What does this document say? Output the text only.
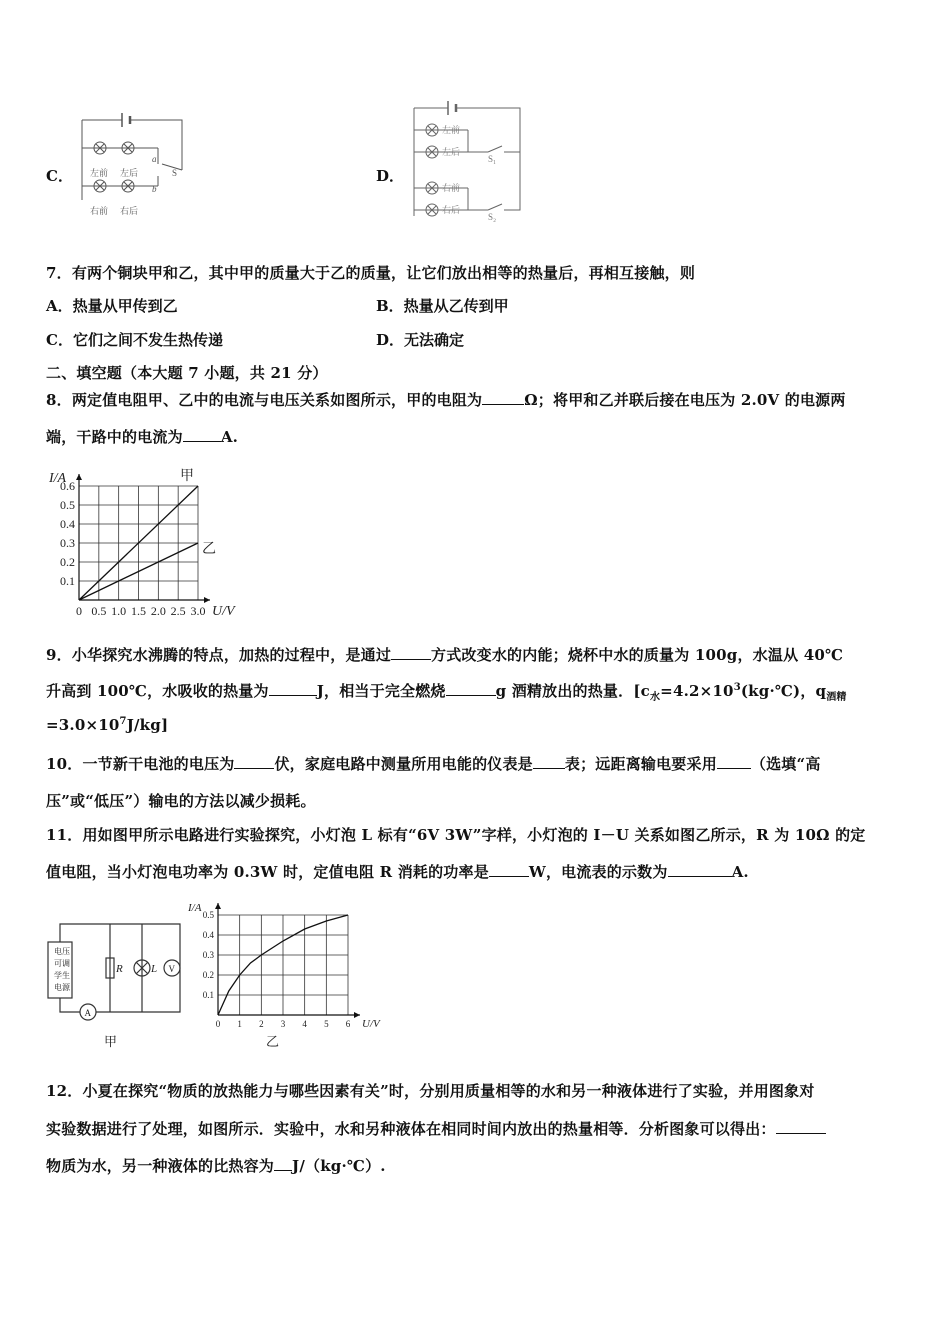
C． 左前 左后
右前 右后
S
a
b
D．
左前
左后
右前
右后
S₁
S₂
7．有两个铜块甲和乙，其中甲的质量大于乙的质量，让它们放出相等的热量后，再相互接触，则
A．热量从甲传到乙	B．热量从乙传到甲
C．它们之间不发生热传递	D．无法确定
二、填空题（本大题 7 小题，共 21 分）
8．两定值电阻甲、乙中的电流与电压关系如图所示，甲的电阻为	Ω；将甲和乙并联后接在电压为 2.0V 的电源两
端，干路中的电流为	A.
0 0.5 1.0 1.5 2.0 2.5 3.0
0.1
0.2
0.3
0.4
0.5
0.6
U/V
I/A	甲
乙
9．小华探究水沸腾的特点，加热的过程中，是通过	方式改变水的内能；烧杯中水的质量为 100g，水温从 40℃
升高到 100℃，水吸收的热量为	J，相当于完全燃烧	g 酒精放出的热量．[$c_水=4.2\times 10^3(kg\cdot℃)$，$q_{酒精}$
$=3.0\times 10^7J/kg$]
10．一节新干电池的电压为	伏，家庭电路中测量所用电能的仪表是 表；远距离输电要采用 （选填“高
压”或“低压”）输电的方法以减少损耗。
11．用如图甲所示电路进行实验探究，小灯泡 L 标有“6V 3W”字样，小灯泡的 I－U 关系如图乙所示，R 为 10Ω 的定
值电阻，当小灯泡电功率为 0.3W 时，定值电阻 R 消耗的功率是	W，电流表的示数为	A.
电压
可调
学生
电源
R	L V
A
甲
0 1 2 3 4 5 6
0.1
0.2
0.3
0.4
0.5
U/V
I/A
乙
12．小夏在探究“物质的放热能力与哪些因素有关”时，分别用质量相等的水和另一种液体进行了实验，并用图象对
实验数据进行了处理，如图所示．实验中，水和另种液体在相同时间内放出的热量相等．分析图象可以得出：
物质为水，另一种液体的比热容为 J/（kg·℃）.
